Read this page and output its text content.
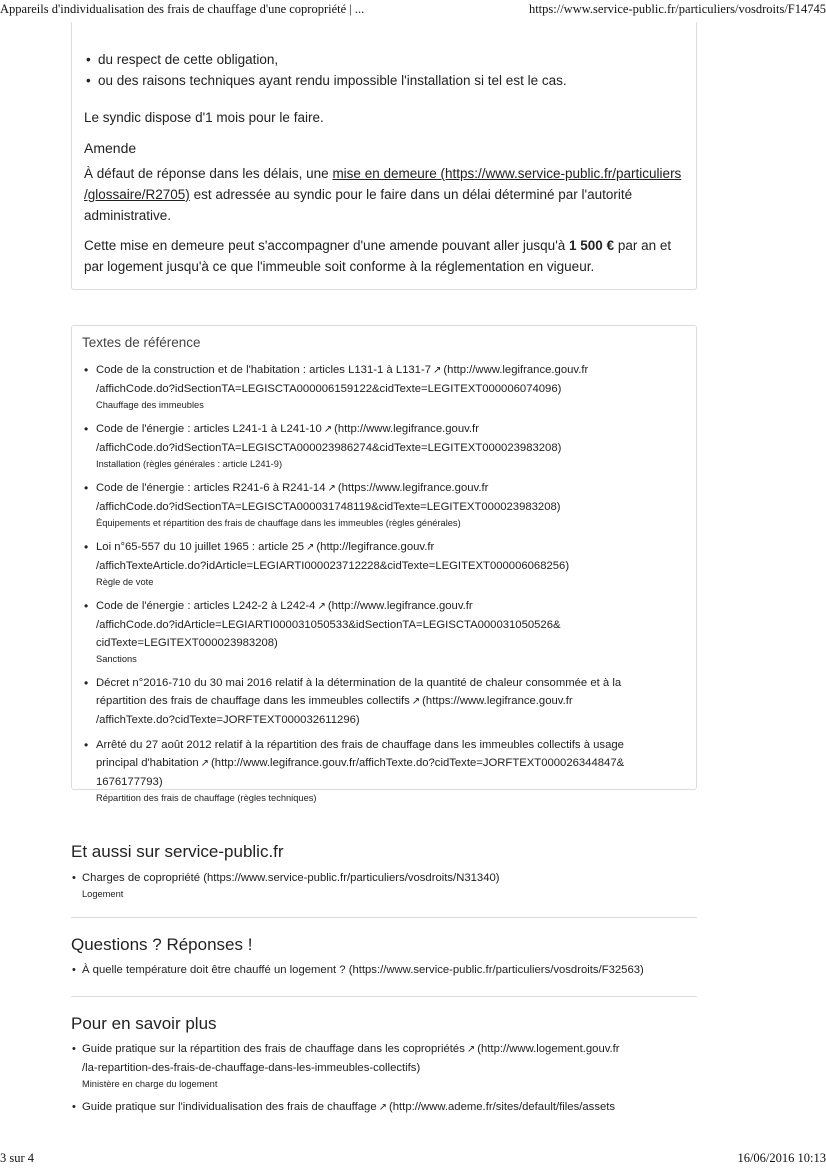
Appareils d'individualisation des frais de chauffage d'une copropriété | ...	https://www.service-public.fr/particuliers/vosdroits/F14745
• du respect de cette obligation,
• ou des raisons techniques ayant rendu impossible l'installation si tel est le cas.
Le syndic dispose d'1 mois pour le faire.
Amende
À défaut de réponse dans les délais, une mise en demeure (https://www.service-public.fr/particuliers
/glossaire/R2705) est adressée au syndic pour le faire dans un délai déterminé par l'autorité administrative.
Cette mise en demeure peut s'accompagner d'une amende pouvant aller jusqu'à 1 500 € par an et par logement jusqu'à ce que l'immeuble soit conforme à la réglementation en vigueur.
Textes de référence
• Code de la construction et de l'habitation : articles L131-1 à L131-7 ↗ (http://www.legifrance.gouv.fr
/affichCode.do?idSectionTA=LEGISCTA000006159122&cidTexte=LEGITEXT000006074096)
Chauffage des immeubles
• Code de l'énergie : articles L241-1 à L241-10 ↗ (http://www.legifrance.gouv.fr
/affichCode.do?idSectionTA=LEGISCTA000023986274&cidTexte=LEGITEXT000023983208)
Installation (règles générales : article L241-9)
• Code de l'énergie : articles R241-6 à R241-14 ↗ (https://www.legifrance.gouv.fr
/affichCode.do?idSectionTA=LEGISCTA000031748119&cidTexte=LEGITEXT000023983208)
Équipements et répartition des frais de chauffage dans les immeubles (règles générales)
• Loi n°65-557 du 10 juillet 1965 : article 25 ↗ (http://legifrance.gouv.fr
/affichTexteArticle.do?idArticle=LEGIARTI000023712228&cidTexte=LEGITEXT000006068256)
Règle de vote
• Code de l'énergie : articles L242-2 à L242-4 ↗ (http://www.legifrance.gouv.fr
/affichCode.do?idArticle=LEGIARTI000031050533&idSectionTA=LEGISCTA000031050526&
cidTexte=LEGITEXT000023983208)
Sanctions
• Décret n°2016-710 du 30 mai 2016 relatif à la détermination de la quantité de chaleur consommée et à la
répartition des frais de chauffage dans les immeubles collectifs ↗ (https://www.legifrance.gouv.fr
/affichTexte.do?cidTexte=JORFTEXT000032611296)
• Arrêté du 27 août 2012 relatif à la répartition des frais de chauffage dans les immeubles collectifs à usage
principal d'habitation ↗ (http://www.legifrance.gouv.fr/affichTexte.do?cidTexte=JORFTEXT000026344847&
1676177793)
Répartition des frais de chauffage (règles techniques)
Et aussi sur service-public.fr
• Charges de copropriété (https://www.service-public.fr/particuliers/vosdroits/N31340)
Logement
Questions ? Réponses !
• À quelle température doit être chauffé un logement ? (https://www.service-public.fr/particuliers/vosdroits/F32563)
Pour en savoir plus
• Guide pratique sur la répartition des frais de chauffage dans les copropriétés ↗ (http://www.logement.gouv.fr
/la-repartition-des-frais-de-chauffage-dans-les-immeubles-collectifs)
Ministère en charge du logement
• Guide pratique sur l'individualisation des frais de chauffage ↗ (http://www.ademe.fr/sites/default/files/assets
3 sur 4	16/06/2016 10:13
